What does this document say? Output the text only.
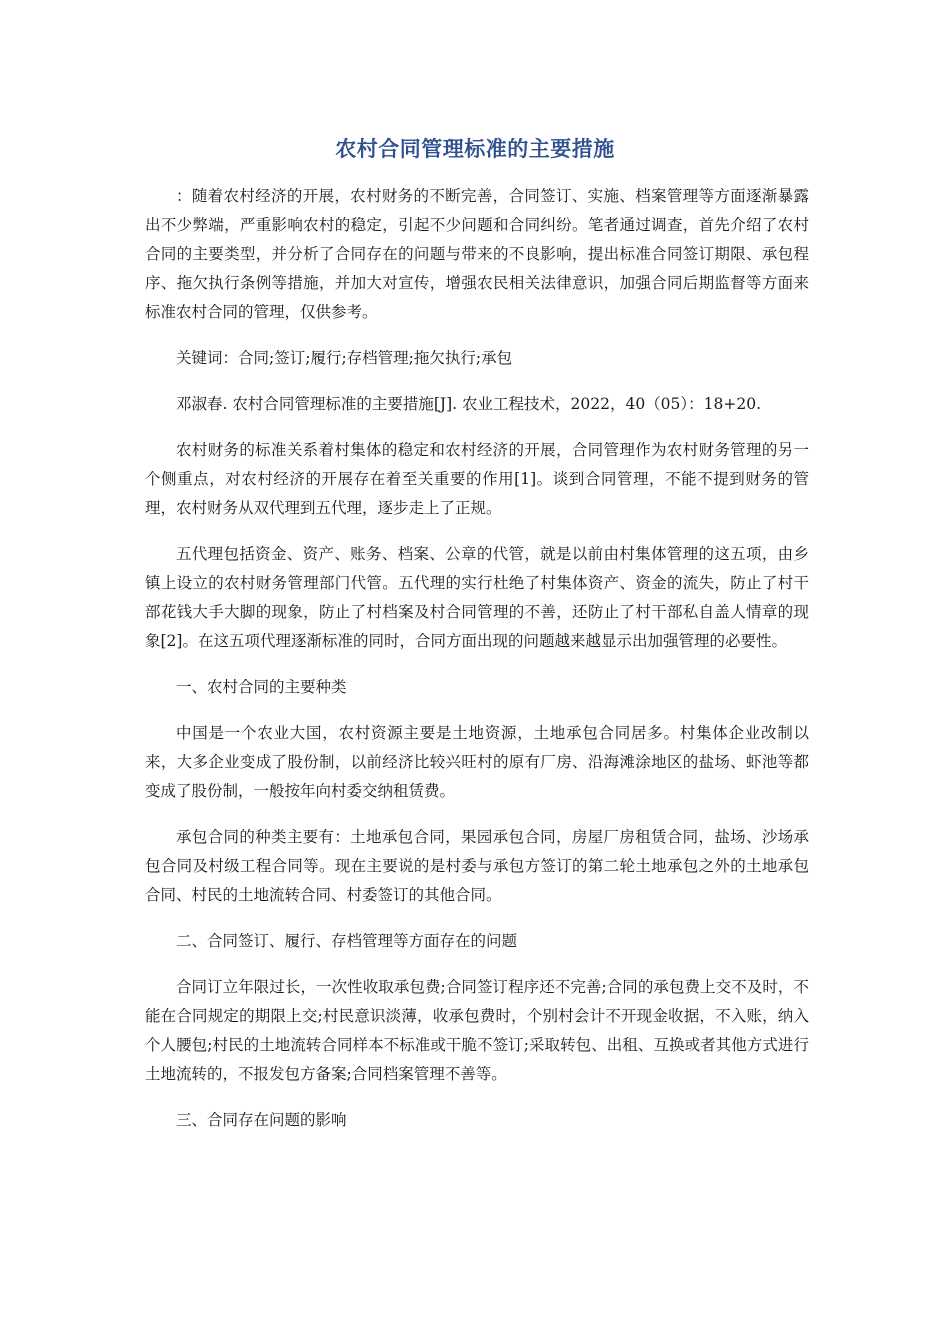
农村合同管理标准的主要措施

：随着农村经济的开展，农村财务的不断完善，合同签订、实施、档案管理等方面逐渐暴露出不少弊端，严重影响农村的稳定，引起不少问题和合同纠纷。笔者通过调查，首先介绍了农村合同的主要类型，并分析了合同存在的问题与带来的不良影响，提出标准合同签订期限、承包程序、拖欠执行条例等措施，并加大对宣传，增强农民相关法律意识，加强合同后期监督等方面来标准农村合同的管理，仅供参考。

关键词：合同;签订;履行;存档管理;拖欠执行;承包

邓淑春. 农村合同管理标准的主要措施[J]. 农业工程技术，2022，40（05）：18+20.

农村财务的标准关系着村集体的稳定和农村经济的开展，合同管理作为农村财务管理的另一个侧重点，对农村经济的开展存在着至关重要的作用[1]。谈到合同管理，不能不提到财务的管理，农村财务从双代理到五代理，逐步走上了正规。

五代理包括资金、资产、账务、档案、公章的代管，就是以前由村集体管理的这五项，由乡镇上设立的农村财务管理部门代管。五代理的实行杜绝了村集体资产、资金的流失，防止了村干部花钱大手大脚的现象，防止了村档案及村合同管理的不善，还防止了村干部私自盖人情章的现象[2]。在这五项代理逐渐标准的同时，合同方面出现的问题越来越显示出加强管理的必要性。

一、农村合同的主要种类

中国是一个农业大国，农村资源主要是土地资源，土地承包合同居多。村集体企业改制以来，大多企业变成了股份制，以前经济比较兴旺村的原有厂房、沿海滩涂地区的盐场、虾池等都变成了股份制，一般按年向村委交纳租赁费。

承包合同的种类主要有：土地承包合同，果园承包合同，房屋厂房租赁合同，盐场、沙场承包合同及村级工程合同等。现在主要说的是村委与承包方签订的第二轮土地承包之外的土地承包合同、村民的土地流转合同、村委签订的其他合同。

二、合同签订、履行、存档管理等方面存在的问题

合同订立年限过长，一次性收取承包费;合同签订程序还不完善;合同的承包费上交不及时，不能在合同规定的期限上交;村民意识淡薄，收承包费时，个别村会计不开现金收据，不入账，纳入个人腰包;村民的土地流转合同样本不标准或干脆不签订;采取转包、出租、互换或者其他方式进行土地流转的，不报发包方备案;合同档案管理不善等。

三、合同存在问题的影响
